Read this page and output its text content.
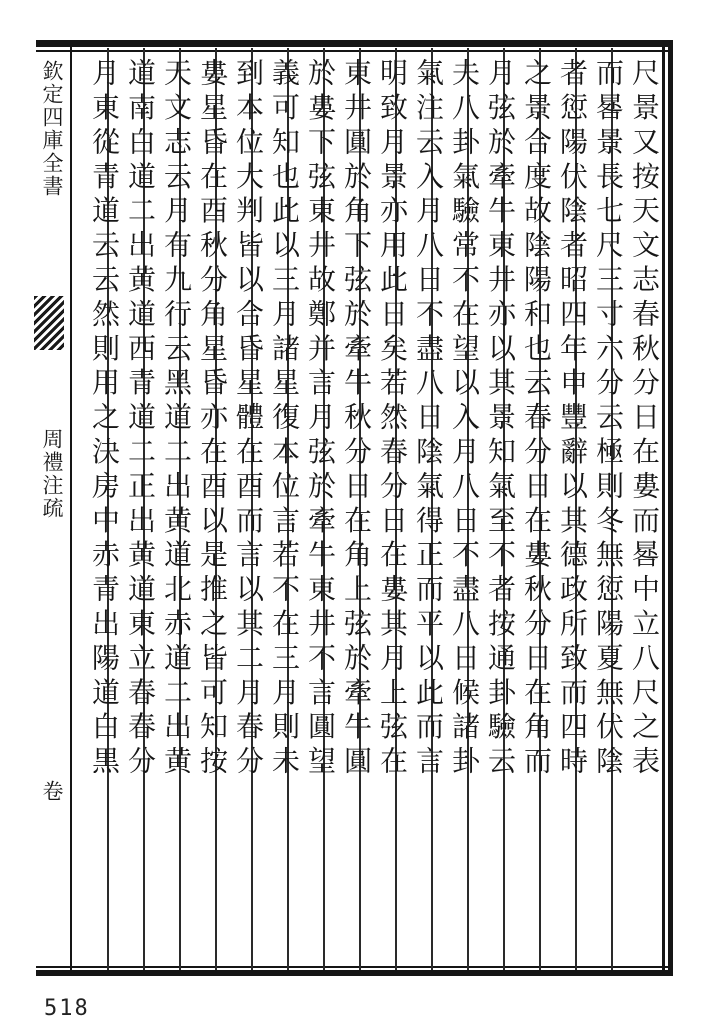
尺景又按天文志春秋分日在婁而晷中立八尺之表
而晷景長七尺三寸六分云極則冬無愆陽夏無伏陰
者愆陽伏陰者昭四年申豐辭以其德政所致而四時
之景合度故陰陽和也云春分日在婁秋分日在角而
月弦於牽牛東井亦以其景知氣至不者按通卦驗云
夫八卦氣驗常不在望以入月八日不盡八日候諸卦
氣注云入月八日不盡八日陰氣得正而平以此而言
明致月景亦用此日矣若然春分日在婁其月上弦在
東井圓於角下弦於牽牛秋分日在角上弦於牽牛圓
於婁下弦東井故鄭并言月弦於牽牛東井不言圓望
義可知也此以三月諸星復本位言若不在三月則未
到本位大判皆以合昏星體在酉而言以其二月春分
婁星昏在酉秋分角星昏亦在酉以是推之皆可知按
天文志云月有九行云黑道二出黄道北赤道二出黄
道南白道二出黄道西青道二正出黄道東立春春分
月東從青道云云然則用之決房中赤青出陽道白黒
欽定四庫全書
周禮注疏
卷
518
